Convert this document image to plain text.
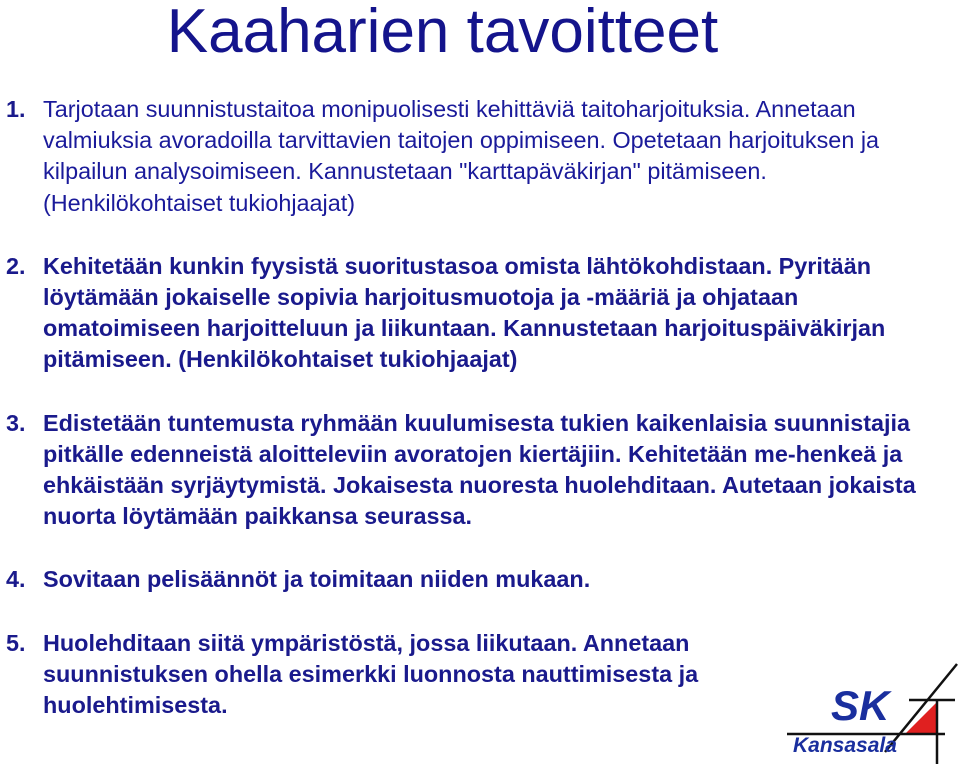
Kaaharien tavoitteet
1. Tarjotaan suunnistustaitoa monipuolisesti kehittäviä taitoharjoituksia. Annetaan valmiuksia avoradoilla tarvittavien taitojen oppimiseen. Opetetaan harjoituksen ja kilpailun analysoimiseen. Kannustetaan "karttapäväkirjan" pitämiseen. (Henkilökohtaiset tukiohjaajat)
2. Kehitetään kunkin fyysistä suoritustasoa omista lähtökohdistaan. Pyritään löytämään jokaiselle sopivia harjoitusmuotoja ja -määriä ja ohjataan omatoimiseen harjoitteluun ja liikuntaan. Kannustetaan harjoituspäiväkirjan pitämiseen. (Henkilökohtaiset tukiohjaajat)
3. Edistetään tuntemusta ryhmään kuulumisesta tukien kaikenlaisia suunnistajia pitkälle edenneistä aloitteleviin avoratojen kiertäjiin. Kehitetään me-henkeä ja ehkäistään syrjäytymistä. Jokaisesta nuoresta huolehditaan. Autetaan jokaista nuorta löytämään paikkansa seurassa.
4. Sovitaan pelisäännöt ja toimitaan niiden mukaan.
5. Huolehditaan siitä ympäristöstä, jossa liikutaan. Annetaan suunnistuksen ohella esimerkki luonnosta nauttimisesta ja huolehtimisesta.	SK
Kansasala
